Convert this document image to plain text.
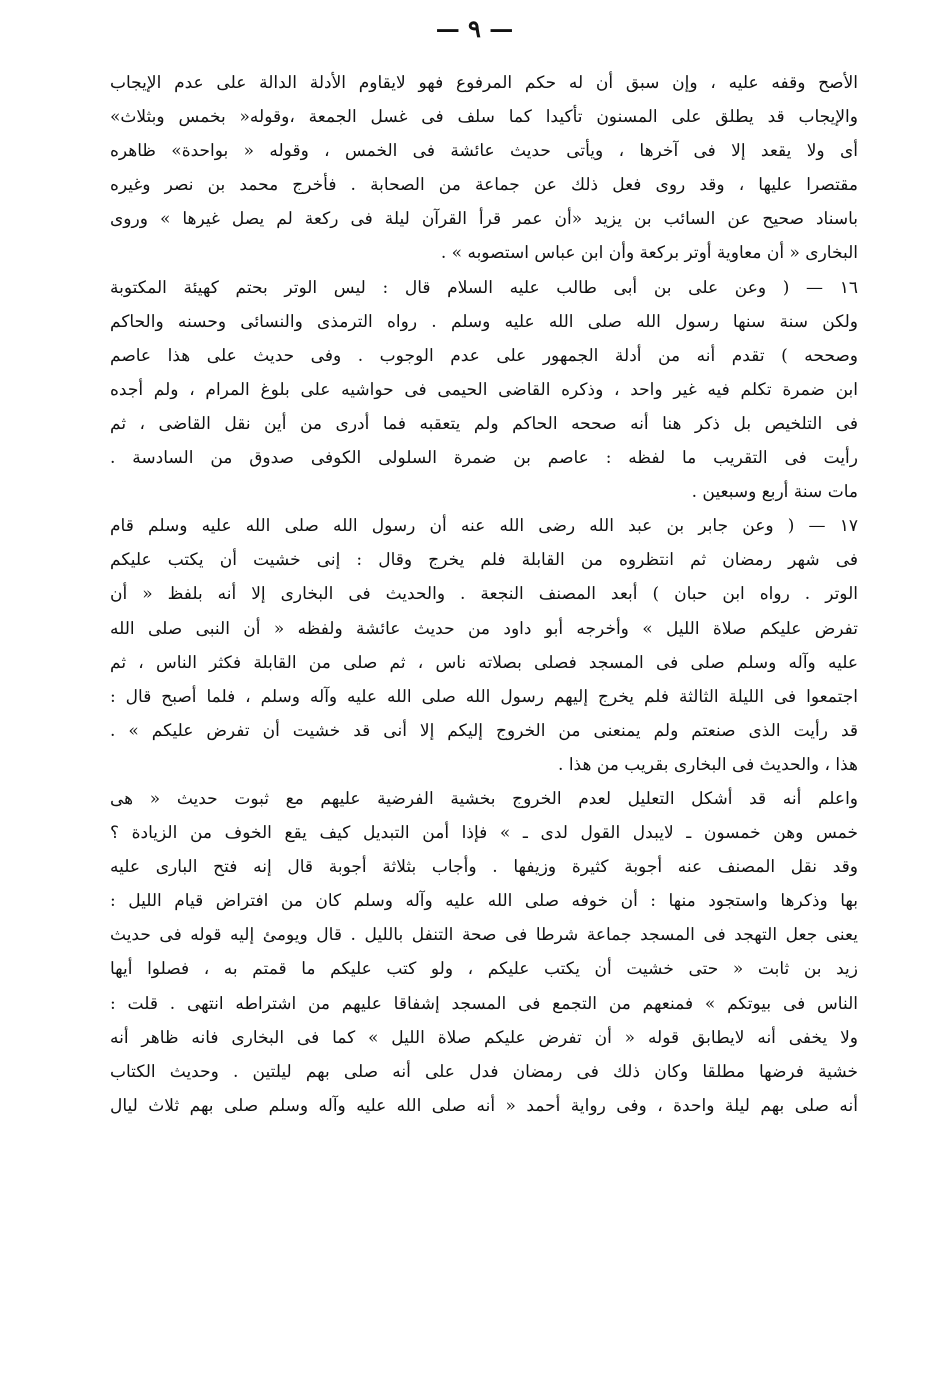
— ٩ —
الأصح وقفه عليه ، وإن سبق أن له حكم المرفوع فهو لايقاوم الأدلة الدالة على عدم الإيجاب
والإيجاب قد يطلق على المسنون تأكيدا كما سلف فى غسل الجمعة ،وقوله« بخمس وبثلاث»
أى ولا يقعد إلا فى آخرها ، ويأتى حديث عائشة فى الخمس ، وقوله « بواحدة» ظاهره
مقتصرا عليها ، وقد روى فعل ذلك عن جماعة من الصحابة . فأخرج محمد بن نصر وغيره
باسناد صحيح عن السائب بن يزيد «أن عمر قرأ القرآن ليلة فى ركعة لم يصل غيرها » وروى
البخارى « أن معاوية أوتر بركعة وأن ابن عباس استصوبه » .
١٦ — ( وعن على بن أبى طالب عليه السلام قال : ليس الوتر بحتم كهيئة المكتوبة
ولكن سنة سنها رسول الله صلى الله عليه وسلم . رواه الترمذى والنسائى وحسنه والحاكم
وصححه ) تقدم أنه من أدلة الجمهور على عدم الوجوب . وفى حديث على هذا عاصم
ابن ضمرة تكلم فيه غير واحد ، وذكره القاضى الحيمى فى حواشيه على بلوغ المرام ، ولم أجده
فى التلخيص بل ذكر هنا أنه صححه الحاكم ولم يتعقبه فما أدرى من أين نقل القاضى ، ثم
رأيت فى التقريب ما لفظه : عاصم بن ضمرة السلولى الكوفى صدوق من السادسة .
مات سنة أربع وسبعين .
١٧ — ( وعن جابر بن عبد الله رضى الله عنه أن رسول الله صلى الله عليه وسلم قام
فى شهر رمضان ثم انتظروه من القابلة فلم يخرج وقال : إنى خشيت أن يكتب عليكم
الوتر . رواه ابن حبان ) أبعد المصنف النجعة . والحديث فى البخارى إلا أنه بلفظ « أن
تفرض عليكم صلاة الليل » وأخرجه أبو داود من حديث عائشة ولفظه « أن النبى صلى الله
عليه وآله وسلم صلى فى المسجد فصلى بصلاته ناس ، ثم صلى من القابلة فكثر الناس ، ثم
اجتمعوا فى الليلة الثالثة فلم يخرج إليهم رسول الله صلى الله عليه وآله وسلم ، فلما أصبح قال :
قد رأيت الذى صنعتم ولم يمنعنى من الخروج إليكم إلا أنى قد خشيت أن تفرض عليكم » .
هذا ، والحديث فى البخارى بقريب من هذا .
واعلم أنه قد أشكل التعليل لعدم الخروج بخشية الفرضية عليهم مع ثبوت حديث « هى
خمس وهن خمسون ـ لايبدل القول لدى ـ » فإذا أمن التبديل كيف يقع الخوف من الزيادة ؟
وقد نقل المصنف عنه أجوبة كثيرة وزيفها . وأجاب بثلاثة أجوبة قال إنه فتح البارى عليه
بها وذكرها واستجود منها : أن خوفه صلى الله عليه وآله وسلم كان من افتراض قيام الليل :
يعنى جعل التهجد فى المسجد جماعة شرطا فى صحة التنفل بالليل . قال ويومئ إليه قوله فى حديث
زيد بن ثابت « حتى خشيت أن يكتب عليكم ، ولو كتب عليكم ما قمتم به ، فصلوا أيها
الناس فى بيوتكم » فمنعهم من التجمع فى المسجد إشفاقا عليهم من اشتراطه انتهى . قلت :
ولا يخفى أنه لايطابق قوله « أن تفرض عليكم صلاة الليل » كما فى البخارى فانه ظاهر أنه
خشية فرضها مطلقا وكان ذلك فى رمضان فدل على أنه صلى بهم ليلتين . وحديث الكتاب
أنه صلى بهم ليلة واحدة ، وفى رواية أحمد « أنه صلى الله عليه وآله وسلم صلى بهم ثلاث ليال
